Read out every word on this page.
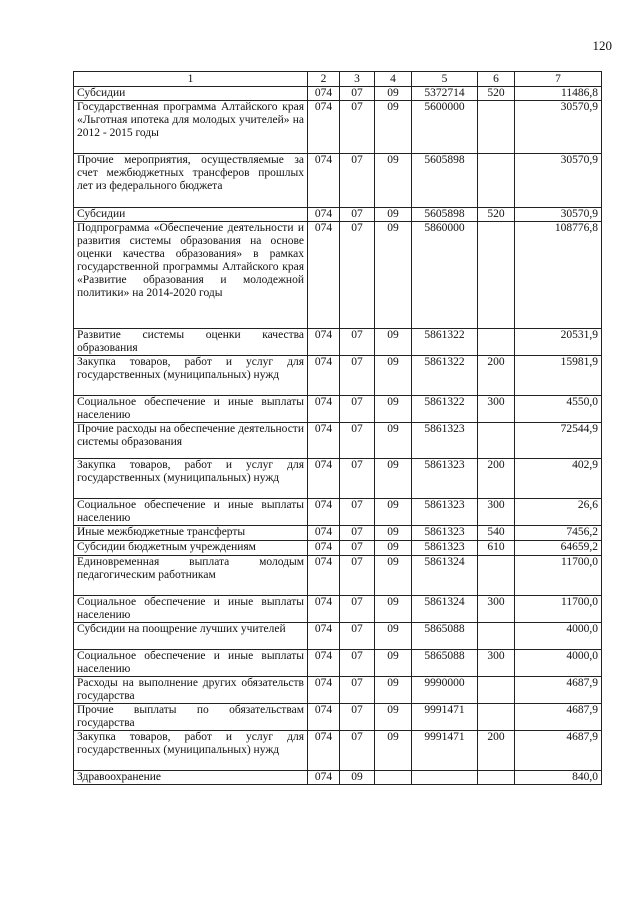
120
1	2	3	4	5	6	7
Субсидии	074	07	09	5372714	520	11486,8
Государственная программа Алтайского края «Льготная ипотека для молодых учителей» на 2012 - 2015 годы	074	07	09	5600000		30570,9
Прочие мероприятия, осуществляемые за счет межбюджетных трансферов прошлых лет из федерального бюджета	074	07	09	5605898		30570,9
Субсидии	074	07	09	5605898	520	30570,9
Подпрограмма «Обеспечение деятельности и развития системы образования на основе оценки качества образования» в рамках государственной программы Алтайского края «Развитие образования и молодежной политики» на 2014-2020 годы	074	07	09	5860000		108776,8
Развитие системы оценки качества образования	074	07	09	5861322		20531,9
Закупка товаров, работ и услуг для государственных (муниципальных) нужд	074	07	09	5861322	200	15981,9
Социальное обеспечение и иные выплаты населению	074	07	09	5861322	300	4550,0
Прочие расходы на обеспечение деятельности системы образования	074	07	09	5861323		72544,9
Закупка товаров, работ и услуг для государственных (муниципальных) нужд	074	07	09	5861323	200	402,9
Социальное обеспечение и иные выплаты населению	074	07	09	5861323	300	26,6
Иные межбюджетные трансферты	074	07	09	5861323	540	7456,2
Субсидии бюджетным учреждениям	074	07	09	5861323	610	64659,2
Единовременная выплата молодым педагогическим работникам	074	07	09	5861324		11700,0
Социальное обеспечение и иные выплаты населению	074	07	09	5861324	300	11700,0
Субсидии на поощрение лучших учителей	074	07	09	5865088		4000,0
Социальное обеспечение и иные выплаты населению	074	07	09	5865088	300	4000,0
Расходы на выполнение других обязательств государства	074	07	09	9990000		4687,9
Прочие выплаты по обязательствам государства	074	07	09	9991471		4687,9
Закупка товаров, работ и услуг для государственных (муниципальных) нужд	074	07	09	9991471	200	4687,9
Здравоохранение	074	09				840,0
